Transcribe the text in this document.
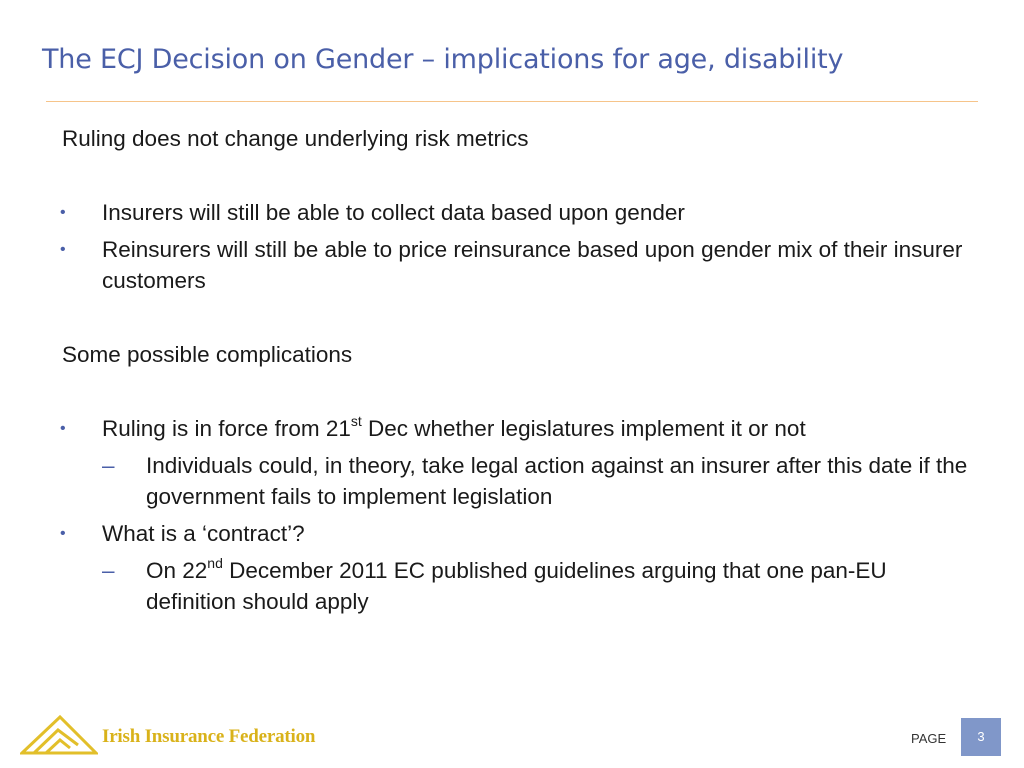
The ECJ Decision on Gender – implications for age, disability

Ruling does not change underlying risk metrics

• Insurers will still be able to collect data based upon gender
• Reinsurers will still be able to price reinsurance based upon gender mix of their insurer customers

Some possible complications

• Ruling is in force from 21st Dec whether legislatures implement it or not
– Individuals could, in theory, take legal action against an insurer after this date if the government fails to implement legislation
• What is a ‘contract’?
– On 22nd December 2011 EC published guidelines arguing that one pan-EU definition should apply
Irish Insurance Federation	PAGE	3
